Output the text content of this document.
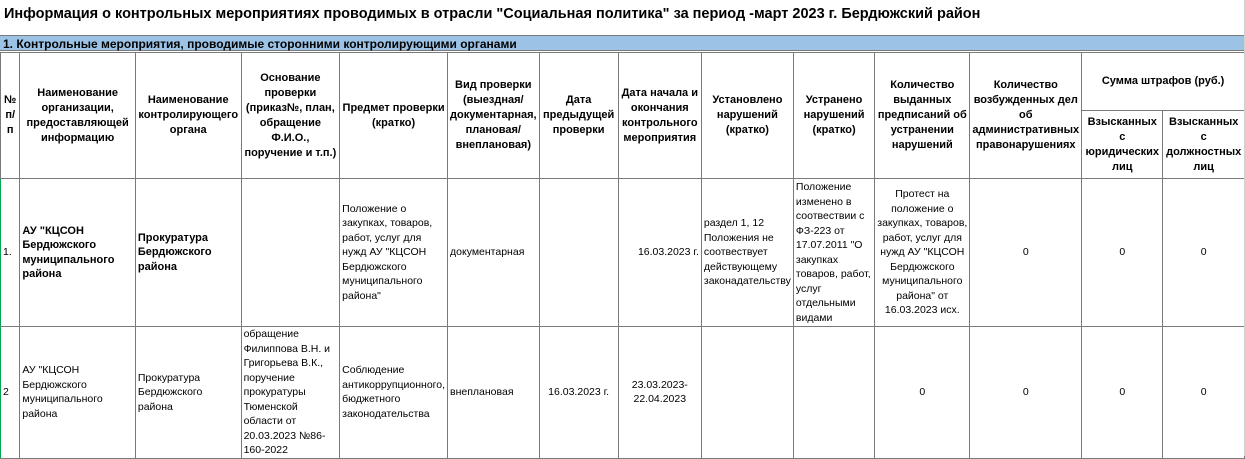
Информация о контрольных мероприятиях проводимых в отрасли "Социальная политика" за период -март 2023 г. Бердюжский район
1. Контрольные мероприятия, проводимые сторонними контролирующими органами
№ п/п	Наименование организации, предоставляющей информацию	Наименование контролирующего органа	Основание проверки (приказ№, план, обращение Ф.И.О., поручение и т.п.)	Предмет проверки (кратко)	Вид проверки (выездная/документарная, плановая/внеплановая)	Дата предыдущей проверки	Дата начала и окончания контрольного мероприятия	Установлено нарушений (кратко)	Устранено нарушений (кратко)	Количество выданных предписаний об устранении нарушений	Количество возбужденных дел об административных правонарушениях	Сумма штрафов (руб.)	
												Взысканных с юридических лиц	Взысканных с должностных лиц
1.	АУ "КЦСОН Бердюжского муниципального района	Прокуратура Бердюжского района		Положение о закупках, товаров, работ, услуг для нужд АУ "КЦСОН Бердюжского муниципального района"	документарная		16.03.2023 г.	раздел 1, 12 Положения не соотвествует действующему законадательству	Положение изменено в соотвествии с ФЗ-223 от 17.07.2011 "О закупках товаров, работ, услуг отдельными видами	Протест на положение о закупках, товаров, работ, услуг для нужд АУ "КЦСОН Бердюжского муниципального района" от 16.03.2023 исх.	0	0	0
2	АУ "КЦСОН Бердюжского муниципального района	Прокуратура Бердюжского района	обращение Филиппова В.Н. и Григорьева В.К., поручение прокуратуры Тюменской области от 20.03.2023 №86-160-2022	Соблюдение антикоррупционного, бюджетного законодательства	внеплановая	16.03.2023 г.	23.03.2023-22.04.2023			0	0	0	0
